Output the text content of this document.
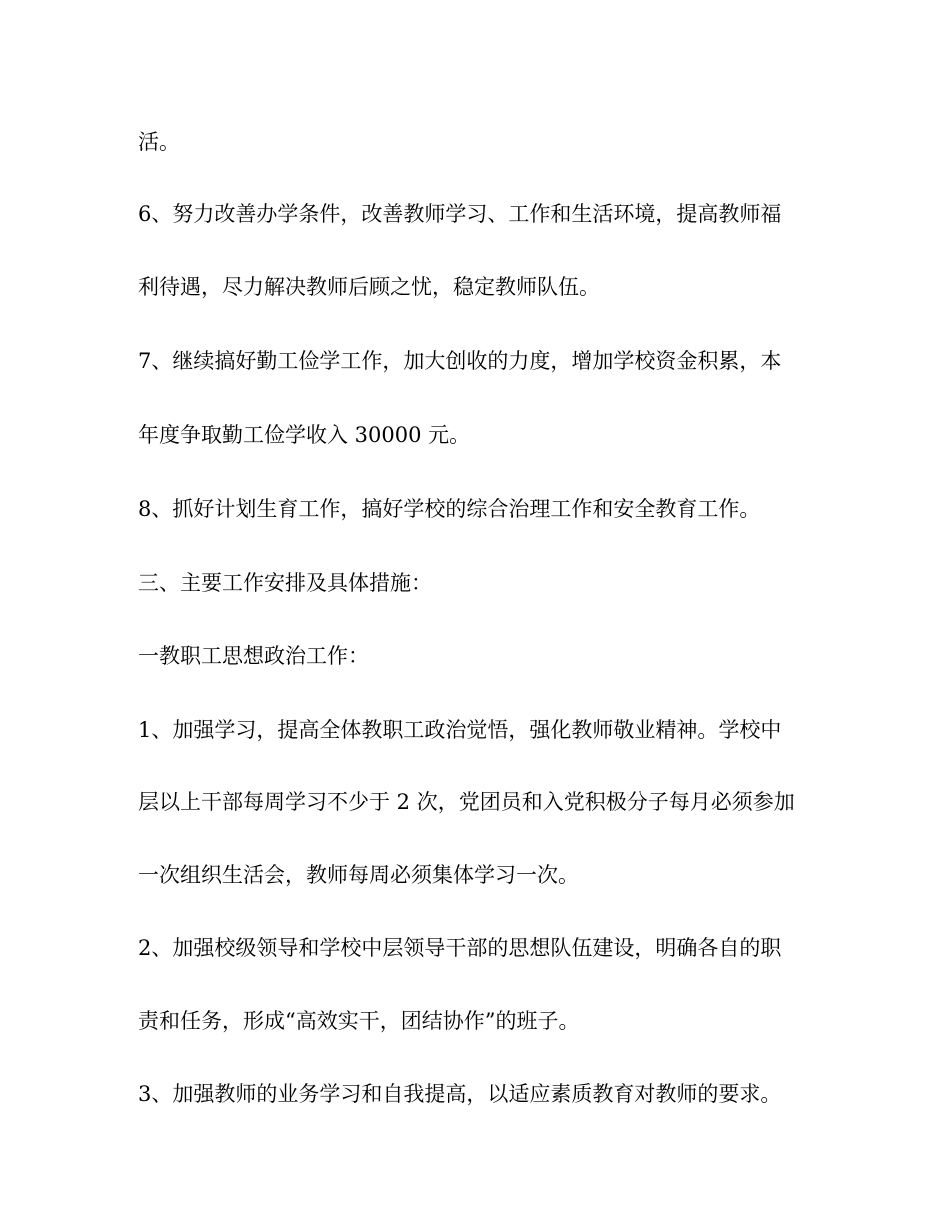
活。
6、努力改善办学条件，改善教师学习、工作和生活环境，提高教师福
利待遇，尽力解决教师后顾之忧，稳定教师队伍。
7、继续搞好勤工俭学工作，加大创收的力度，增加学校资金积累，本
年度争取勤工俭学收入 30000 元。
8、抓好计划生育工作，搞好学校的综合治理工作和安全教育工作。
三、主要工作安排及具体措施：
一教职工思想政治工作：
1、加强学习，提高全体教职工政治觉悟，强化教师敬业精神。学校中
层以上干部每周学习不少于 2 次，党团员和入党积极分子每月必须参加
一次组织生活会，教师每周必须集体学习一次。
2、加强校级领导和学校中层领导干部的思想队伍建设，明确各自的职
责和任务，形成“高效实干，团结协作”的班子。
3、加强教师的业务学习和自我提高，以适应素质教育对教师的要求。
